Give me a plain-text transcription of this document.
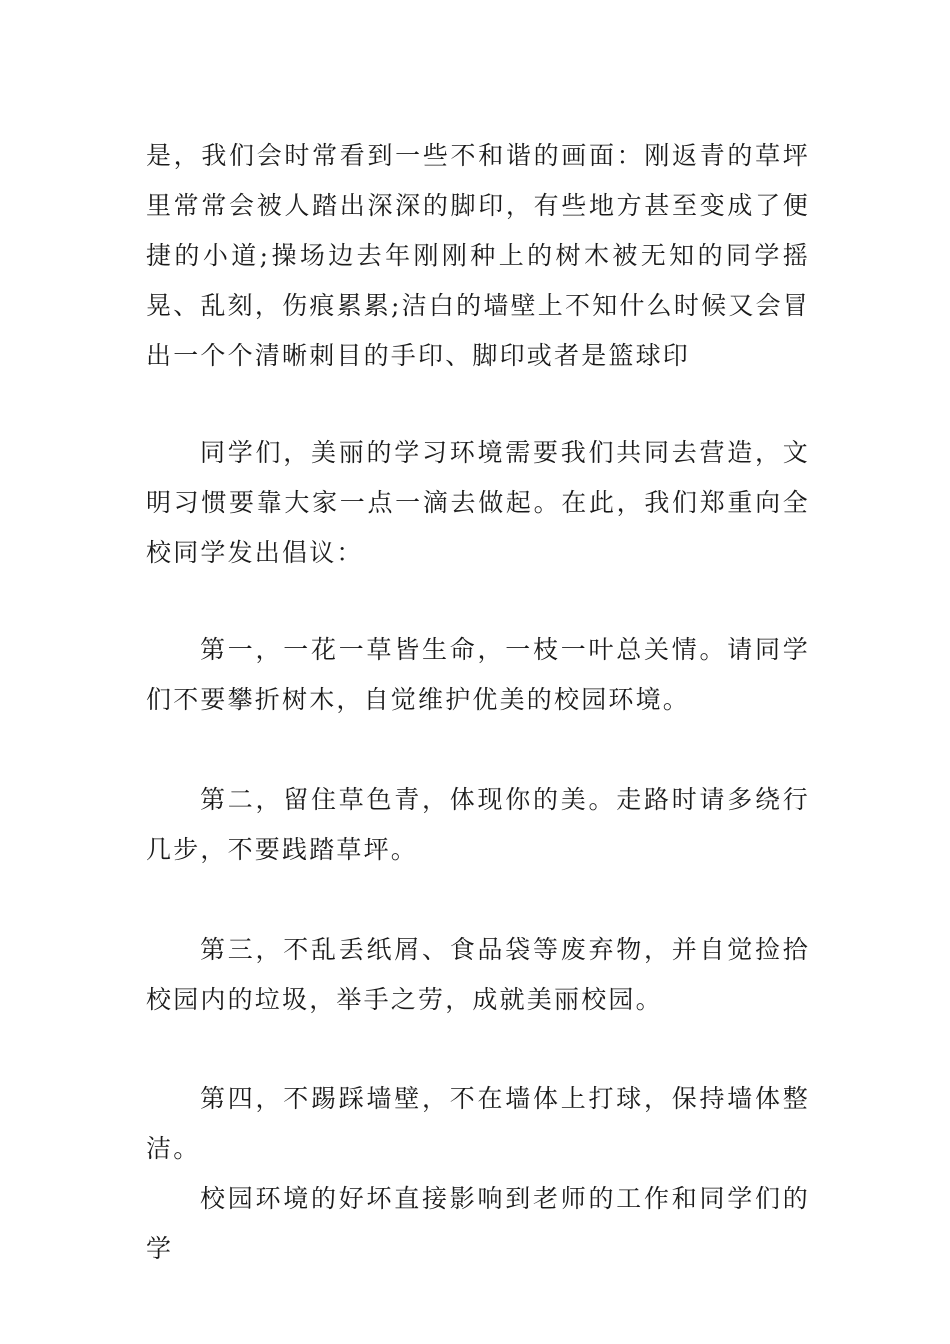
是，我们会时常看到一些不和谐的画面：刚返青的草坪里常常会被人踏出深深的脚印，有些地方甚至变成了便捷的小道;操场边去年刚刚种上的树木被无知的同学摇晃、乱刻，伤痕累累;洁白的墙壁上不知什么时候又会冒出一个个清晰刺目的手印、脚印或者是篮球印

同学们，美丽的学习环境需要我们共同去营造，文明习惯要靠大家一点一滴去做起。在此，我们郑重向全校同学发出倡议：

第一，一花一草皆生命，一枝一叶总关情。请同学们不要攀折树木，自觉维护优美的校园环境。

第二，留住草色青，体现你的美。走路时请多绕行几步，不要践踏草坪。

第三，不乱丢纸屑、食品袋等废弃物，并自觉捡拾校园内的垃圾，举手之劳，成就美丽校园。

第四，不踢踩墙壁，不在墙体上打球，保持墙体整洁。

校园环境的好坏直接影响到老师的工作和同学们的学
